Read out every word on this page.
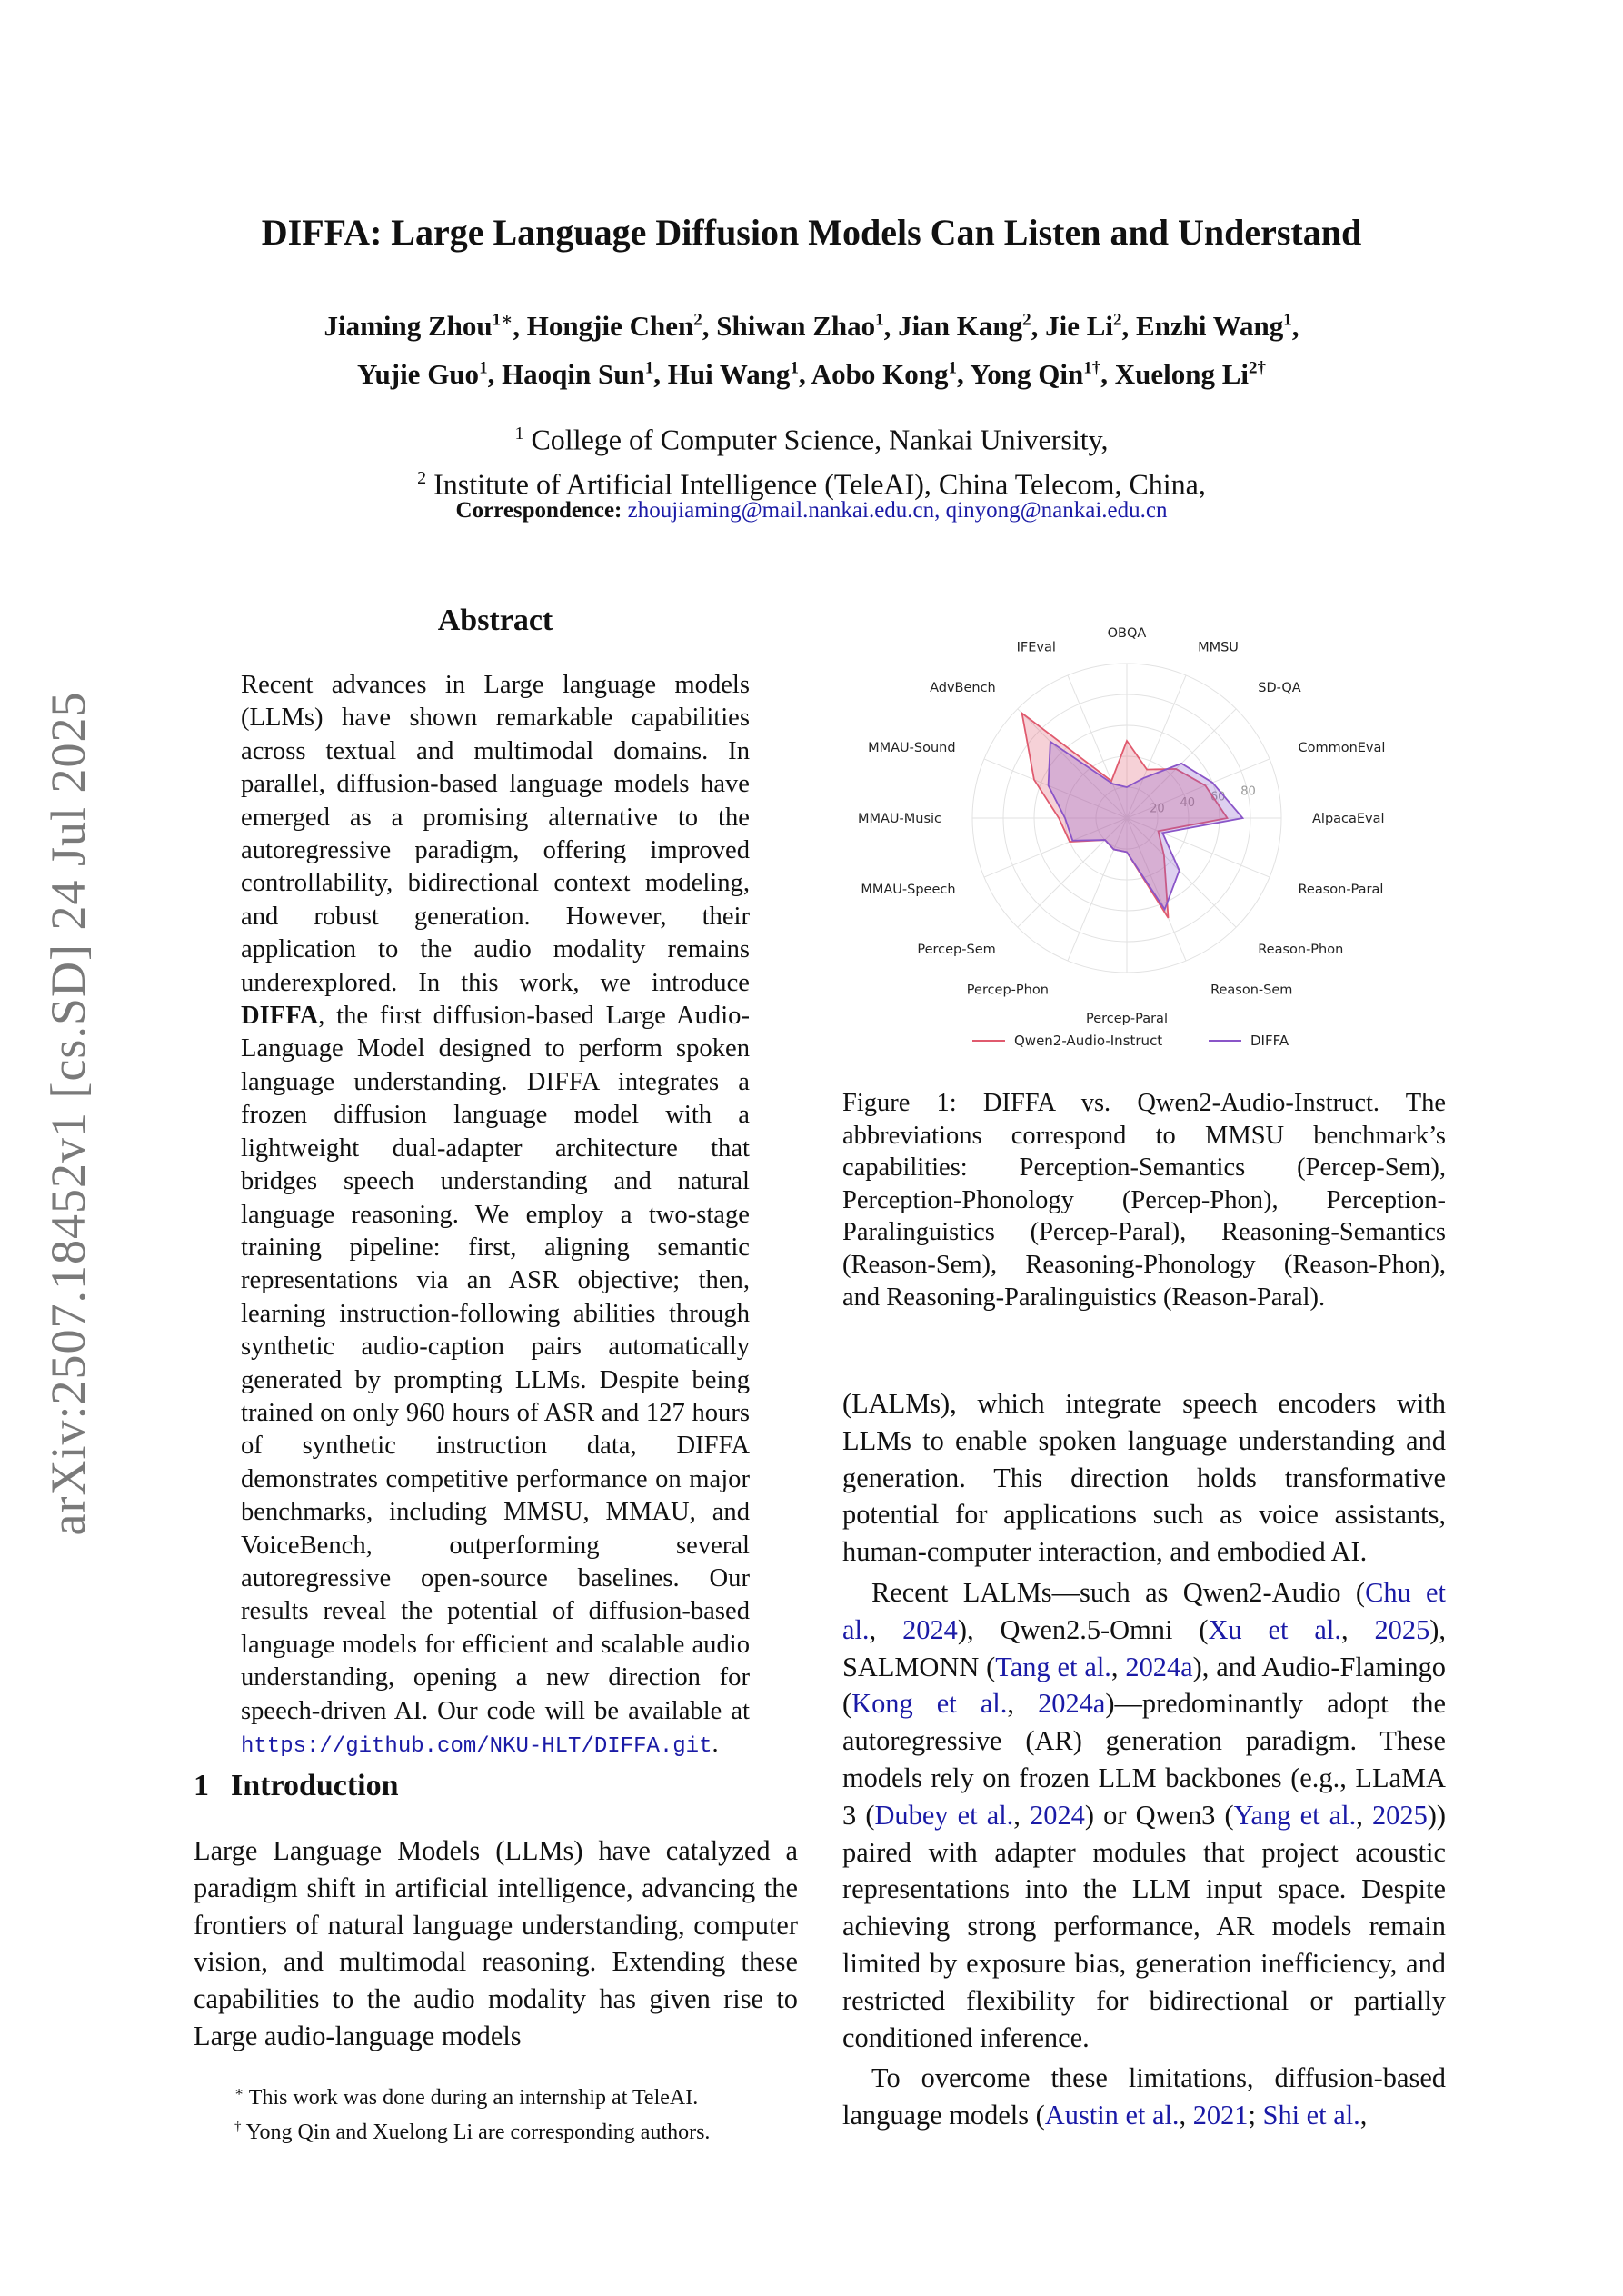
arXiv:2507.18452v1 [cs.SD] 24 Jul 2025
DIFFA: Large Language Diffusion Models Can Listen and Understand
Jiaming Zhou$^{1∗}$, Hongjie Chen$^2$, Shiwan Zhao$^1$, Jian Kang$^2$, Jie Li$^2$, Enzhi Wang$^1$,
Yujie Guo$^1$, Haoqin Sun$^1$, Hui Wang$^1$, Aobo Kong$^1$, Yong Qin$^{1\dagger}$, Xuelong $Li^{2\dagger}$
$^1$ College of Computer Science, Nankai University,
$^2$ Institute of Artificial Intelligence (TeleAI), China Telecom, China,
Correspondence: zhoujiaming@mail.nankai.edu.cn, qinyong@nankai.edu.cn
Abstract
Recent advances in Large language models (LLMs) have shown remarkable capabilities across textual and multimodal domains. In parallel, diffusion-based language models have emerged as a promising alternative to the autoregressive paradigm, offering improved controllability, bidirectional context modeling, and robust generation. However, their application to the audio modality remains underexplored. In this work, we introduce DIFFA, the first diffusion-based Large Audio-Language Model designed to perform spoken language understanding. DIFFA integrates a frozen diffusion language model with a lightweight dual-adapter architecture that bridges speech understanding and natural language reasoning. We employ a two-stage training pipeline: first, aligning semantic representations via an ASR objective; then, learning instruction-following abilities through synthetic audio-caption pairs automatically generated by prompting LLMs. Despite being trained on only 960 hours of ASR and 127 hours of synthetic instruction data, DIFFA demonstrates competitive performance on major benchmarks, including MMSU, MMAU, and VoiceBench, outperforming several autoregressive open-source baselines. Our results reveal the potential of diffusion-based language models for efficient and scalable audio understanding, opening a new direction for speech-driven AI. Our code will be available at https://github.com/NKU-HLT/DIFFA.git.
1 Introduction
Large Language Models (LLMs) have catalyzed a paradigm shift in artificial intelligence, advancing the frontiers of natural language understanding, computer vision, and multimodal reasoning. Extending these capabilities to the audio modality has given rise to Large audio-language models
∗ This work was done during an internship at TeleAI.
† Yong Qin and Xuelong Li are corresponding authors.
20 40 60 80
OBQA
MMSU
SD-QA
CommonEval
AlpacaEval
Reason-Paral
Reason-Phon
Reason-Sem
Percep-Paral
Percep-Phon
Percep-Sem
MMAU-Speech
MMAU-Music
MMAU-Sound
AdvBench
IFEval
Qwen2-Audio-Instruct	DIFFA
Figure 1: DIFFA vs. Qwen2-Audio-Instruct. The abbreviations correspond to MMSU benchmark’s capabilities: Perception-Semantics (Percep-Sem), Perception-Phonology (Percep-Phon), Perception-Paralinguistics (Percep-Paral), Reasoning-Semantics (Reason-Sem), Reasoning-Phonology (Reason-Phon), and Reasoning-Paralinguistics (Reason-Paral).

(LALMs), which integrate speech encoders with LLMs to enable spoken language understanding and generation. This direction holds transformative potential for applications such as voice assistants, human-computer interaction, and embodied AI.

Recent LALMs—such as Qwen2-Audio (Chu et al., 2024), Qwen2.5-Omni (Xu et al., 2025), SALMONN (Tang et al., 2024a), and Audio-Flamingo (Kong et al., 2024a)—predominantly adopt the autoregressive (AR) generation paradigm. These models rely on frozen LLM backbones (e.g., LLaMA 3 (Dubey et al., 2024) or Qwen3 (Yang et al., 2025)) paired with adapter modules that project acoustic representations into the LLM input space. Despite achieving strong performance, AR models remain limited by exposure bias, generation inefficiency, and restricted flexibility for bidirectional or partially conditioned inference.

To overcome these limitations, diffusion-based language models (Austin et al., 2021; Shi et al.,
